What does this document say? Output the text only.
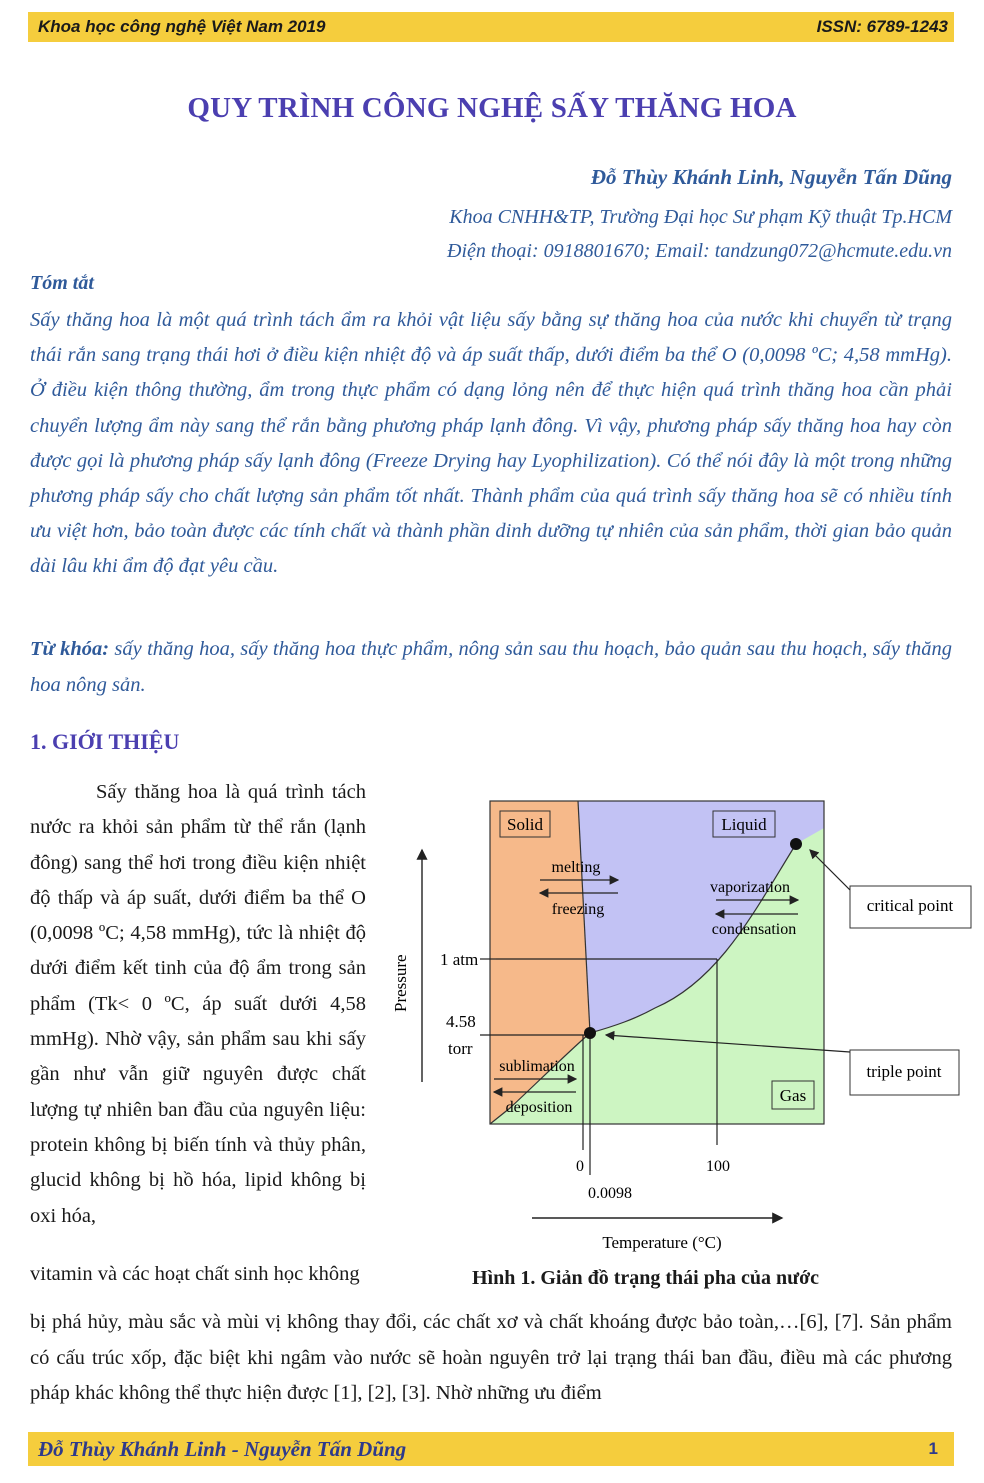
Khoa học công nghệ Việt Nam 2019	ISSN: 6789-1243
QUY TRÌNH CÔNG NGHỆ SẤY THĂNG HOA
Đỗ Thùy Khánh Linh, Nguyễn Tấn Dũng
Khoa CNHH&TP, Trường Đại học Sư phạm Kỹ thuật Tp.HCM
Điện thoại: 0918801670; Email: tandzung072@hcmute.edu.vn
Tóm tắt
Sấy thăng hoa là một quá trình tách ẩm ra khỏi vật liệu sấy bằng sự thăng hoa của nước khi chuyển từ trạng thái rắn sang trạng thái hơi ở điều kiện nhiệt độ và áp suất thấp, dưới điểm ba thể O (0,0098 ºC; 4,58 mmHg). Ở điều kiện thông thường, ẩm trong thực phẩm có dạng lỏng nên để thực hiện quá trình thăng hoa cần phải chuyển lượng ẩm này sang thể rắn bằng phương pháp lạnh đông. Vì vậy, phương pháp sấy thăng hoa hay còn được gọi là phương pháp sấy lạnh đông (Freeze Drying hay Lyophilization). Có thể nói đây là một trong những phương pháp sấy cho chất lượng sản phẩm tốt nhất. Thành phẩm của quá trình sấy thăng hoa sẽ có nhiều tính ưu việt hơn, bảo toàn được các tính chất và thành phần dinh dưỡng tự nhiên của sản phẩm, thời gian bảo quản dài lâu khi ẩm độ đạt yêu cầu.
Từ khóa: sấy thăng hoa, sấy thăng hoa thực phẩm, nông sản sau thu hoạch, bảo quản sau thu hoạch, sấy thăng hoa nông sản.
1. GIỚI THIỆU
Sấy thăng hoa là quá trình tách nước ra khỏi sản phẩm từ thể rắn (lạnh đông) sang thể hơi trong điều kiện nhiệt độ thấp và áp suất, dưới điểm ba thể O (0,0098 ºC; 4,58 mmHg), tức là nhiệt độ dưới điểm kết tinh của độ ẩm trong sản phẩm (Tk< 0 ºC, áp suất dưới 4,58 mmHg). Nhờ vậy, sản phẩm sau khi sấy gần như vẫn giữ nguyên được chất lượng tự nhiên ban đầu của nguyên liệu: protein không bị biến tính và thủy phân, glucid không bị hồ hóa, lipid không bị oxi hóa,
vitamin và các hoạt chất sinh học không
Solid	Liquid
Gas
melting
freezing
vaporization
condensation
sublimation
deposition
1 atm
4.58
torr
critical point
triple point
Pressure
Temperature (°C)
0
0.0098
100
Hình 1. Giản đồ trạng thái pha của nước
bị phá hủy, màu sắc và mùi vị không thay đổi, các chất xơ và chất khoáng được bảo toàn,…[6], [7]. Sản phẩm có cấu trúc xốp, đặc biệt khi ngâm vào nước sẽ hoàn nguyên trở lại trạng thái ban đầu, điều mà các phương pháp khác không thể thực hiện được [1], [2], [3]. Nhờ những ưu điểm
Đỗ Thùy Khánh Linh - Nguyễn Tấn Dũng	1
